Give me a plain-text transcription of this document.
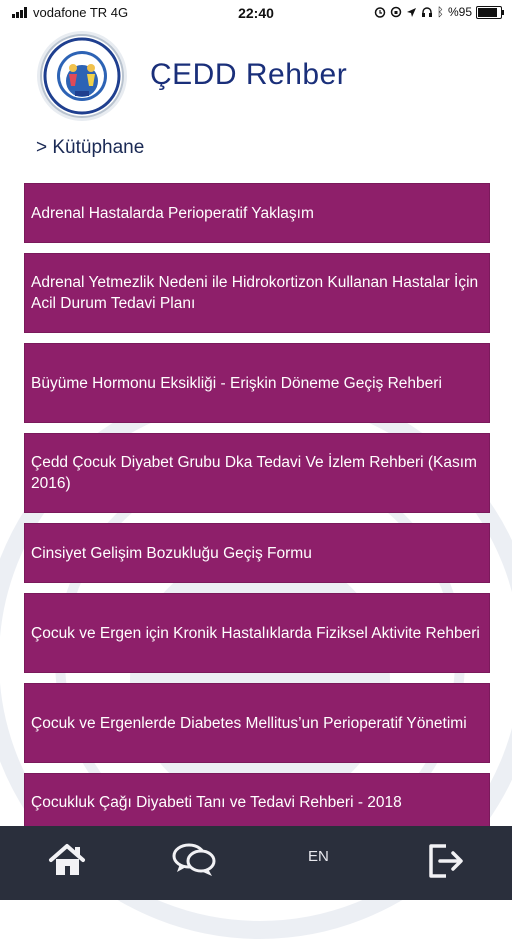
vodafone TR 4G	22:40	ᛒ %95
ÇEDD Rehber
> Kütüphane
Adrenal Hastalarda Perioperatif Yaklaşım
Adrenal Yetmezlik Nedeni ile Hidrokortizon Kullanan Hastalar İçin Acil Durum Tedavi Planı
Büyüme Hormonu Eksikliği - Erişkin Döneme Geçiş Rehberi
Çedd Çocuk Diyabet Grubu Dka Tedavi Ve İzlem Rehberi (Kasım 2016)
Cinsiyet Gelişim Bozukluğu Geçiş Formu
Çocuk ve Ergen için Kronik Hastalıklarda Fiziksel Aktivite Rehberi
Çocuk ve Ergenlerde Diabetes Mellitus’un Perioperatif Yönetimi
Çocukluk Çağı Diyabeti Tanı ve Tedavi Rehberi - 2018
EN
